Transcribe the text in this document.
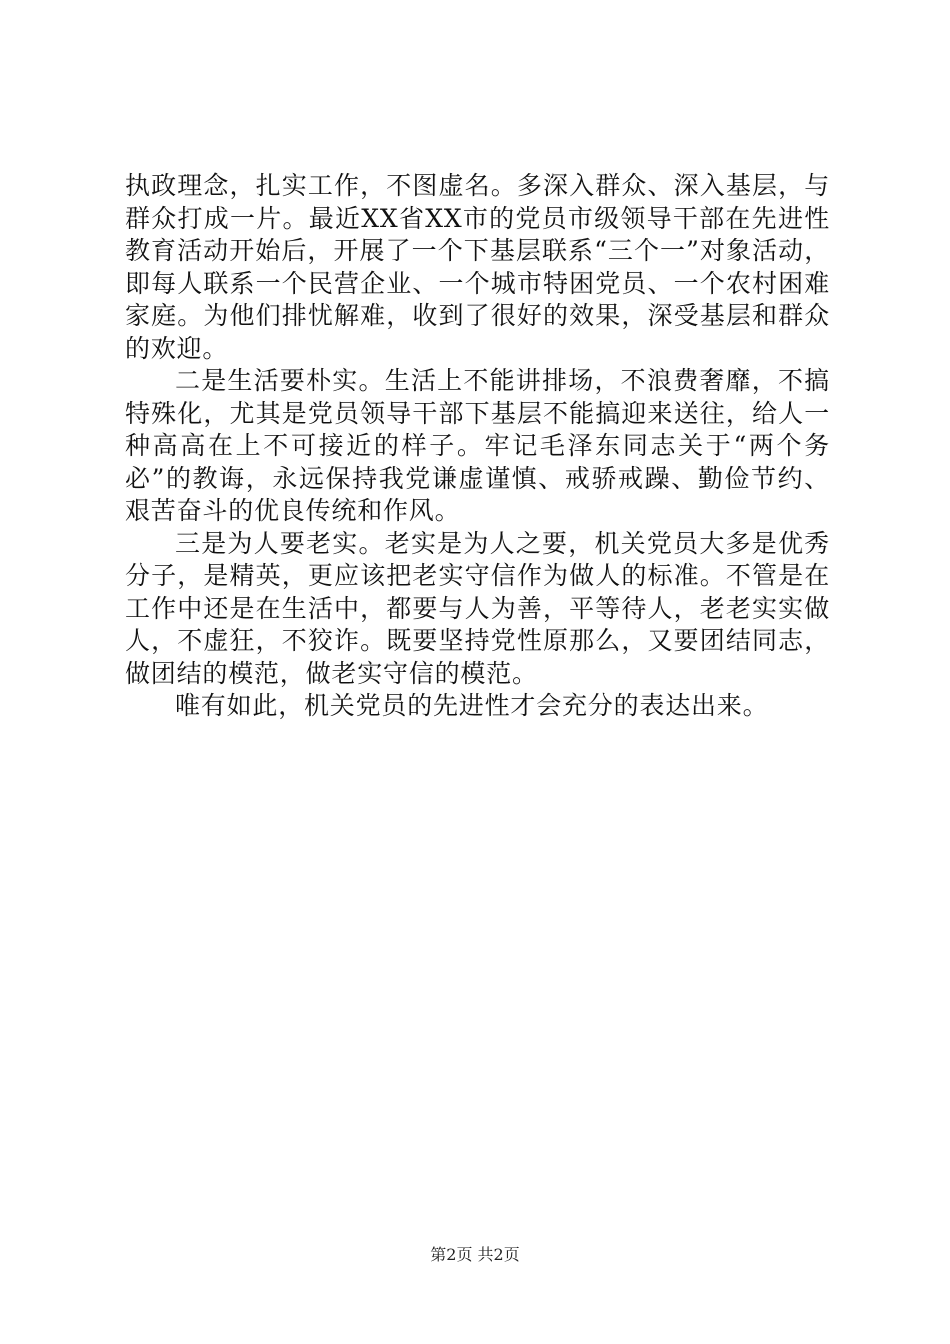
执政理念，扎实工作，不图虚名。多深入群众、深入基层，与群众打成一片。最近XX省XX市的党员市级领导干部在先进性教育活动开始后，开展了一个下基层联系“三个一”对象活动，即每人联系一个民营企业、一个城市特困党员、一个农村困难家庭。为他们排忧解难，收到了很好的效果，深受基层和群众的欢迎。

二是生活要朴实。生活上不能讲排场，不浪费奢靡，不搞特殊化，尤其是党员领导干部下基层不能搞迎来送往，给人一种高高在上不可接近的样子。牢记毛泽东同志关于“两个务必”的教诲，永远保持我党谦虚谨慎、戒骄戒躁、勤俭节约、艰苦奋斗的优良传统和作风。

三是为人要老实。老实是为人之要，机关党员大多是优秀分子，是精英，更应该把老实守信作为做人的标准。不管是在工作中还是在生活中，都要与人为善，平等待人，老老实实做人，不虚狂，不狡诈。既要坚持党性原那么，又要团结同志，做团结的模范，做老实守信的模范。

唯有如此，机关党员的先进性才会充分的表达出来。

第2页 共2页
